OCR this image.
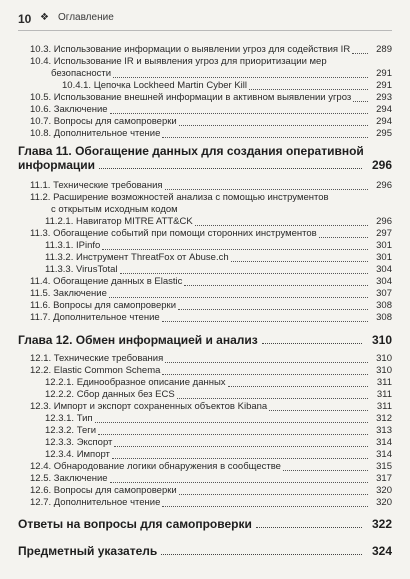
10 ❖ Оглавление
10.3. Использование информации о выявлении угроз для содействия IR	289
10.4. Использование IR и выявления угроз для приоритизации мер
безопасности	291
10.4.1. Цепочка Lockheed Martin Cyber Kill	291
10.5. Использование внешней информации в активном выявлении угроз	293
10.6. Заключение	294
10.7. Вопросы для самопроверки	294
10.8. Дополнительное чтение	295
Глава 11. Обогащение данных для создания оперативной
информации	296
11.1. Технические требования	296
11.2. Расширение возможностей анализа с помощью инструментов
с открытым исходным кодом
11.2.1. Навигатор MITRE ATT&CK	296
11.3. Обогащение событий при помощи сторонних инструментов	297
11.3.1. IPinfo	301
11.3.2. Инструмент ThreatFox от Abuse.ch	301
11.3.3. VirusTotal	304
11.4. Обогащение данных в Elastic	304
11.5. Заключение	307
11.6. Вопросы для самопроверки	308
11.7. Дополнительное чтение	308
Глава 12. Обмен информацией и анализ	310
12.1. Технические требования	310
12.2. Elastic Common Schema	310
12.2.1. Единообразное описание данных	311
12.2.2. Сбор данных без ECS	311
12.3. Импорт и экспорт сохраненных объектов Kibana	311
12.3.1. Тип	312
12.3.2. Теги	313
12.3.3. Экспорт	314
12.3.4. Импорт	314
12.4. Обнародование логики обнаружения в сообществе	315
12.5. Заключение	317
12.6. Вопросы для самопроверки	320
12.7. Дополнительное чтение	320
Ответы на вопросы для самопроверки	322
Предметный указатель	324
